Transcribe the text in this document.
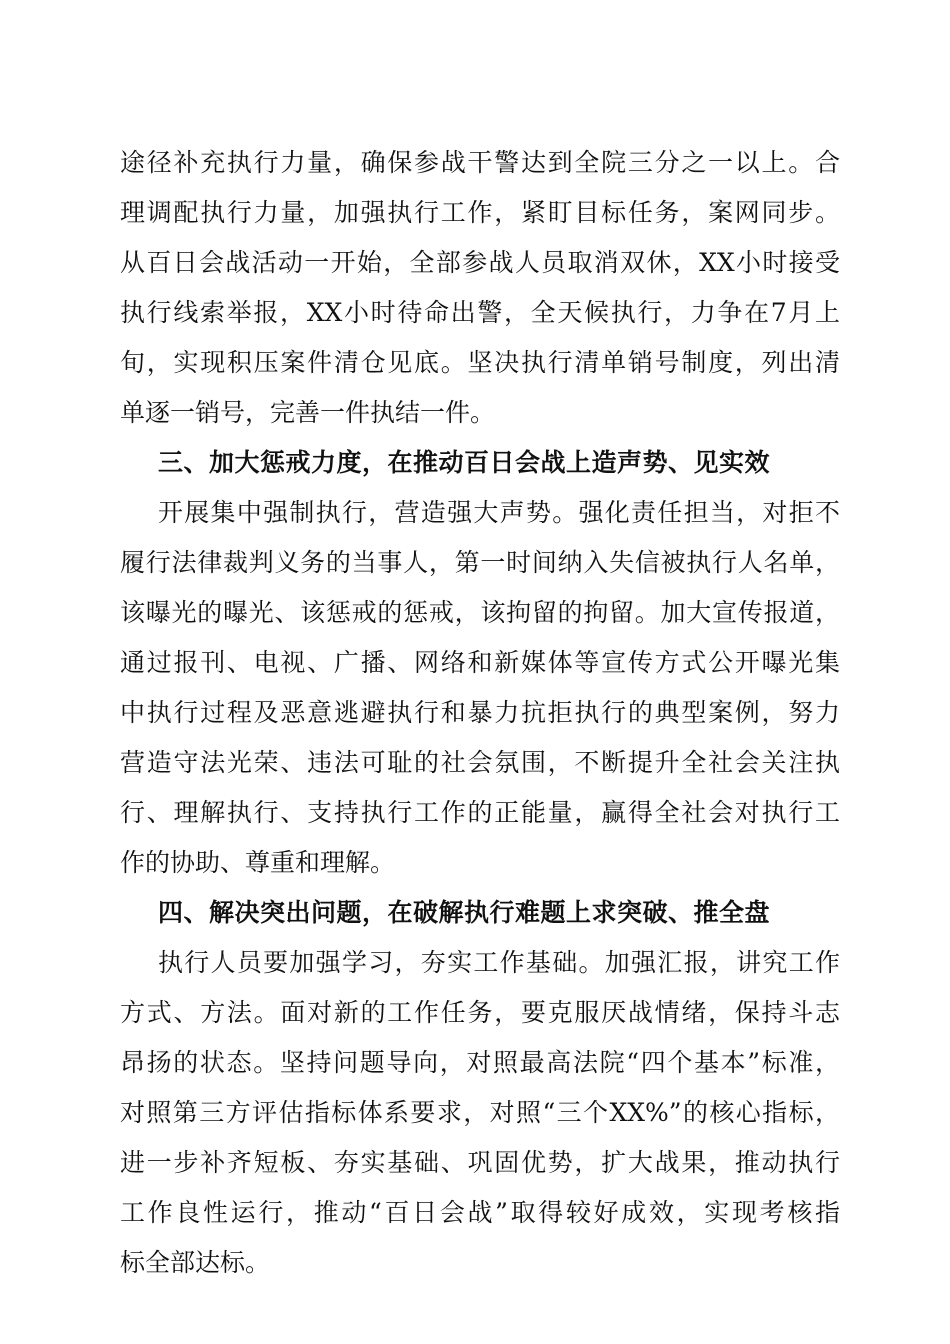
途径补充执行力量，确保参战干警达到全院三分之一以上。合
理调配执行力量，加强执行工作，紧盯目标任务，案网同步。
从百日会战活动一开始，全部参战人员取消双休，XX小时接受
执行线索举报，XX小时待命出警，全天候执行，力争在7月上
旬，实现积压案件清仓见底。坚决执行清单销号制度，列出清
单逐一销号，完善一件执结一件。
三、加大惩戒力度，在推动百日会战上造声势、见实效
开展集中强制执行，营造强大声势。强化责任担当，对拒不
履行法律裁判义务的当事人，第一时间纳入失信被执行人名单，
该曝光的曝光、该惩戒的惩戒，该拘留的拘留。加大宣传报道，
通过报刊、电视、广播、网络和新媒体等宣传方式公开曝光集
中执行过程及恶意逃避执行和暴力抗拒执行的典型案例，努力
营造守法光荣、违法可耻的社会氛围，不断提升全社会关注执
行、理解执行、支持执行工作的正能量，赢得全社会对执行工
作的协助、尊重和理解。
四、解决突出问题，在破解执行难题上求突破、推全盘
执行人员要加强学习，夯实工作基础。加强汇报，讲究工作
方式、方法。面对新的工作任务，要克服厌战情绪，保持斗志
昂扬的状态。坚持问题导向，对照最高法院“四个基本”标准，
对照第三方评估指标体系要求，对照“三个XX%”的核心指标，
进一步补齐短板、夯实基础、巩固优势，扩大战果，推动执行
工作良性运行，推动“百日会战”取得较好成效，实现考核指
标全部达标。
